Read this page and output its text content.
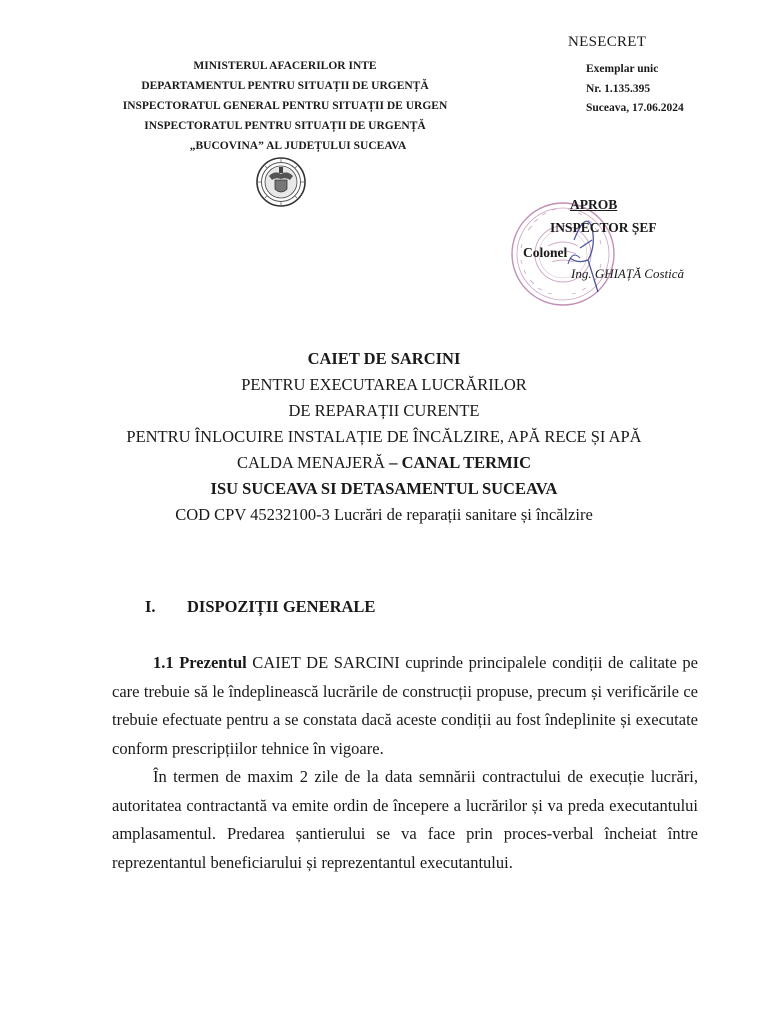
NESECRET
Exemplar unic
Nr. 1.135.395
Suceava, 17.06.2024
MINISTERUL AFACERILOR INTE
DEPARTAMENTUL PENTRU SITUAȚII DE URGENȚĂ
INSPECTORATUL GENERAL PENTRU SITUAȚII DE URGEN
INSPECTORATUL PENTRU SITUAȚII DE URGENȚĂ
„BUCOVINA” AL JUDEȚULUI SUCEAVA
APROB
INSPECTOR ȘEF
Colonel
Ing. GHIAȚĂ Costică
CAIET DE SARCINI
PENTRU EXECUTAREA LUCRĂRILOR
DE REPARAȚII CURENTE
PENTRU ÎNLOCUIRE INSTALAȚIE DE ÎNCĂLZIRE, APĂ RECE ȘI APĂ
CALDA MENAJERĂ – CANAL TERMIC
ISU SUCEAVA SI DETASAMENTUL SUCEAVA
COD CPV 45232100-3 Lucrări de reparații sanitare și încălzire
I. DISPOZIȚII GENERALE

1.1 Prezentul CAIET DE SARCINI cuprinde principalele condiții de calitate pe care trebuie să le îndeplinească lucrările de construcții propuse, precum și verificările ce trebuie efectuate pentru a se constata dacă aceste condiții au fost îndeplinite și executate conform prescripțiilor tehnice în vigoare.

În termen de maxim 2 zile de la data semnării contractului de execuție lucrări, autoritatea contractantă va emite ordin de începere a lucrărilor și va preda executantului amplasamentul. Predarea șantierului se va face prin proces-verbal încheiat între reprezentantul beneficiarului și reprezentantul executantului.
